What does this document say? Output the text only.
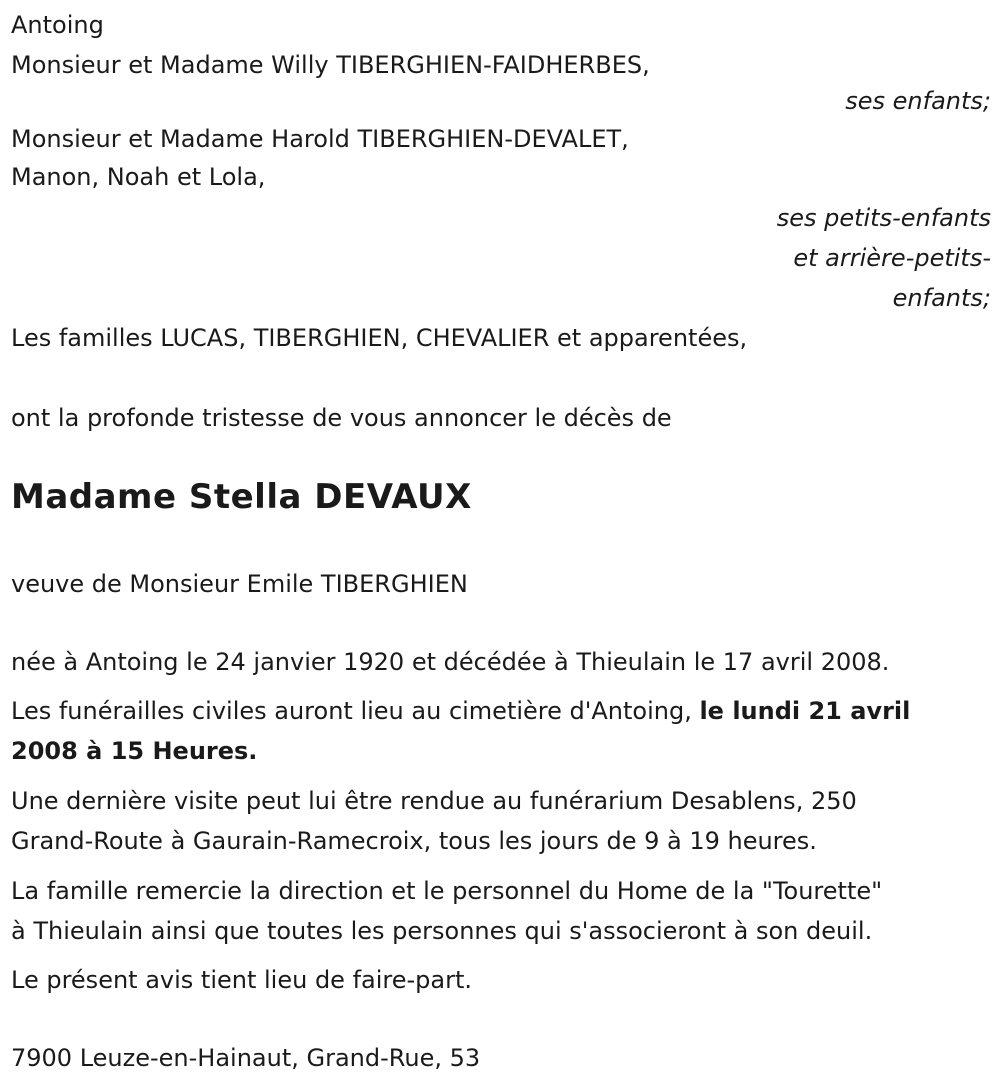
Antoing
Monsieur et Madame Willy TIBERGHIEN-FAIDHERBES,
ses enfants;
Monsieur et Madame Harold TIBERGHIEN-DEVALET,
Manon, Noah et Lola,
ses petits-enfants
et arrière-petits-
enfants;
Les familles LUCAS, TIBERGHIEN, CHEVALIER et apparentées,
ont la profonde tristesse de vous annoncer le décès de
Madame Stella DEVAUX
veuve de Monsieur Emile TIBERGHIEN
née à Antoing le 24 janvier 1920 et décédée à Thieulain le 17 avril 2008.
Les funérailles civiles auront lieu au cimetière d'Antoing, le lundi 21 avril
2008 à 15 Heures.
Une dernière visite peut lui être rendue au funérarium Desablens, 250
Grand-Route à Gaurain-Ramecroix, tous les jours de 9 à 19 heures.
La famille remercie la direction et le personnel du Home de la "Tourette"
à Thieulain ainsi que toutes les personnes qui s'associeront à son deuil.
Le présent avis tient lieu de faire-part.
7900 Leuze-en-Hainaut, Grand-Rue, 53
